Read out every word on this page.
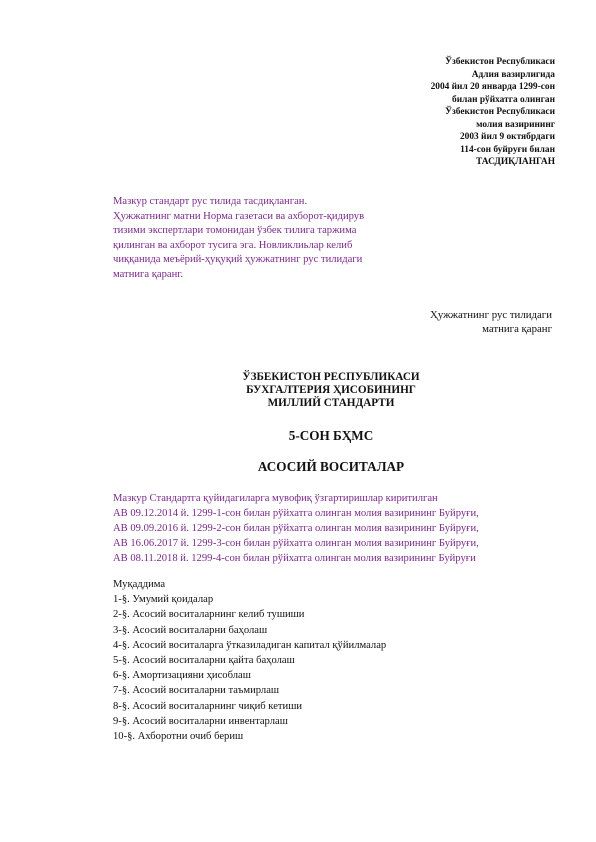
Ўзбекистон Республикаси
Адлия вазирлигида
2004 йил 20 январда 1299-сон
билан рўйхатга олинган
Ўзбекистон Республикаси
молия вазирининг
2003 йил 9 октябрдаги
114-сон буйруғи билан
ТАСДИҚЛАНГАН
Мазкур стандарт рус тилида тасдиқланган.
Ҳужжатнинг матни Норма газетаси ва ахборот-қидирув
тизими экспертлари томонидан ўзбек тилига таржима
қилинган ва ахборот тусига эга. Новликлиьлар келиб
чиққанида меъёрий-ҳуқуқий ҳужжатнинг рус тилидаги
матнига қаранг.
Ҳужжатнинг рус тилидаги
матнига қаранг
ЎЗБЕКИСТОН РЕСПУБЛИКАСИ
БУХГАЛТЕРИЯ ҲИСОБИНИНГ
МИЛЛИЙ СТАНДАРТИ
5-СОН БҲМС
АСОСИЙ ВОСИТАЛАР
Мазкур Стандартга қуйидагиларга мувофиқ ўзгартиришлар киритилган
АВ 09.12.2014 й. 1299-1-сон билан рўйхатга олинган молия вазирининг Буйруғи,
АВ 09.09.2016 й. 1299-2-сон билан рўйхатга олинган молия вазирининг Буйруғи,
АВ 16.06.2017 й. 1299-3-сон билан рўйхатга олинган молия вазирининг Буйруғи,
АВ 08.11.2018 й. 1299-4-сон билан рўйхатга олинган молия вазирининг Буйруғи
Муқаддима
1-§. Умумий қоидалар
2-§. Асосий воситаларнинг келиб тушиши
3-§. Асосий воситаларни баҳолаш
4-§. Асосий воситаларга ўтказиладиган капитал қўйилмалар
5-§. Асосий воситаларни қайта баҳолаш
6-§. Амортизацияни ҳисоблаш
7-§. Асосий воситаларни таъмирлаш
8-§. Асосий воситаларнинг чиқиб кетиши
9-§. Асосий воситаларни инвентарлаш
10-§. Ахборотни очиб бериш
